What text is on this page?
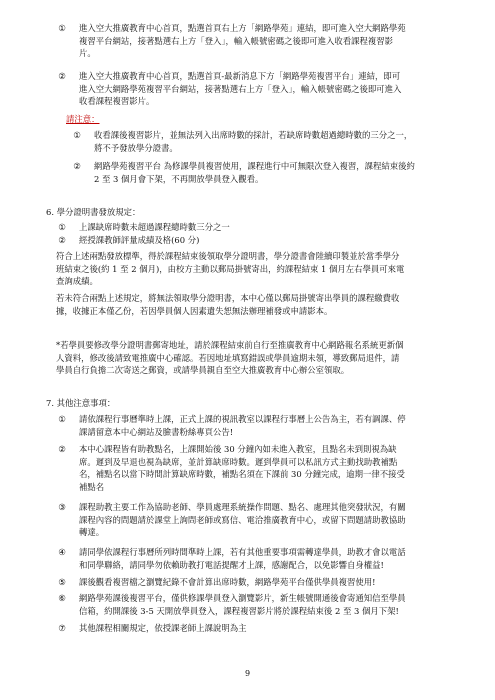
① 進入空大推廣教育中心首頁，點選首頁右上方「網路學苑」連結，即可進入空大網路學苑
複習平台網站，接著點選右上方「登入」，輸入帳號密碼之後即可進入收看課程複習影
片。
② 進入空大推廣教育中心首頁，點選首頁-最新消息下方「網路學苑複習平台」連結，即可
進入空大網路學苑複習平台網站，接著點選右上方「登入」，輸入帳號密碼之後即可進入
收看課程複習影片。
請注意：
① 收看課後複習影片，並無法列入出席時數的採計，若缺席時數超過總時數的三分之一，
將不予發放學分證書。
② 網路學苑複習平台 為修課學員複習使用，課程進行中可無限次登入複習，課程結束後約
2 至 3 個月會下架，不再開放學員登入觀看。
6. 學分證明書發放規定：
① 上課缺席時數未超過課程總時數三分之一
② 經授課教師評量成績及格(60 分)
符合上述兩點發放標準，得於課程結束後領取學分證明書，學分證書會陸續印製並於當季學分
班結束之後(約 1 至 2 個月)，由校方主動以郵局掛號寄出，約課程結束 1 個月左右學員可來電
查詢成績。
若未符合兩點上述規定，將無法領取學分證明書，本中心僅以郵局掛號寄出學員的課程繳費收
據，收據正本僅乙份，若因學員個人因素遺失恕無法辦理補發或申請影本。
*若學員要修改學分證明書郵寄地址，請於課程結束前自行至推廣教育中心網路報名系統更新個
人資料，修改後請致電推廣中心確認。若因地址填寫錯誤或學員逾期未領，導致郵局退件，請
學員自行負擔二次寄送之郵資，或請學員親自至空大推廣教育中心辦公室領取。
7. 其他注意事項：
① 請依課程行事曆準時上課，正式上課的視訊教室以課程行事曆上公告為主，若有調課、停
課請留意本中心網站及臉書粉絲專頁公告!
② 本中心課程皆有助教點名，上課開始後 30 分鐘內如未進入教室，且點名未到則視為缺
席。遲到及早退也視為缺席，並計算缺席時數。遲到學員可以私訊方式主動找助教補點
名，補點名以當下時間計算缺席時數，補點名須在下課前 30 分鐘完成，逾期一律不接受
補點名
③ 課程助教主要工作為協助老師、學員處理系統操作問題、點名、處理其他突發狀況，有關
課程內容的問題請於課堂上詢問老師或寫信、電洽推廣教育中心，或留下問題請助教協助
轉達。
④ 請同學依課程行事曆所列時間準時上課，若有其他重要事項需轉達學員，助教才會以電話
和同學聯絡，請同學勿依賴助教打電話提醒才上課，感謝配合，以免影響自身權益!
⑤ 課後觀看複習檔之瀏覽紀錄不會計算出席時數，網路學苑平台僅供學員複習使用!
⑥ 網路學苑課後複習平台，僅供修課學員登入瀏覽影片，新生帳號開通後會寄通知信至學員
信箱，約開課後 3-5 天開放學員登入，課程複習影片將於課程結束後 2 至 3 個月下架!
⑦ 其他課程相關規定，依授課老師上課說明為主
9
